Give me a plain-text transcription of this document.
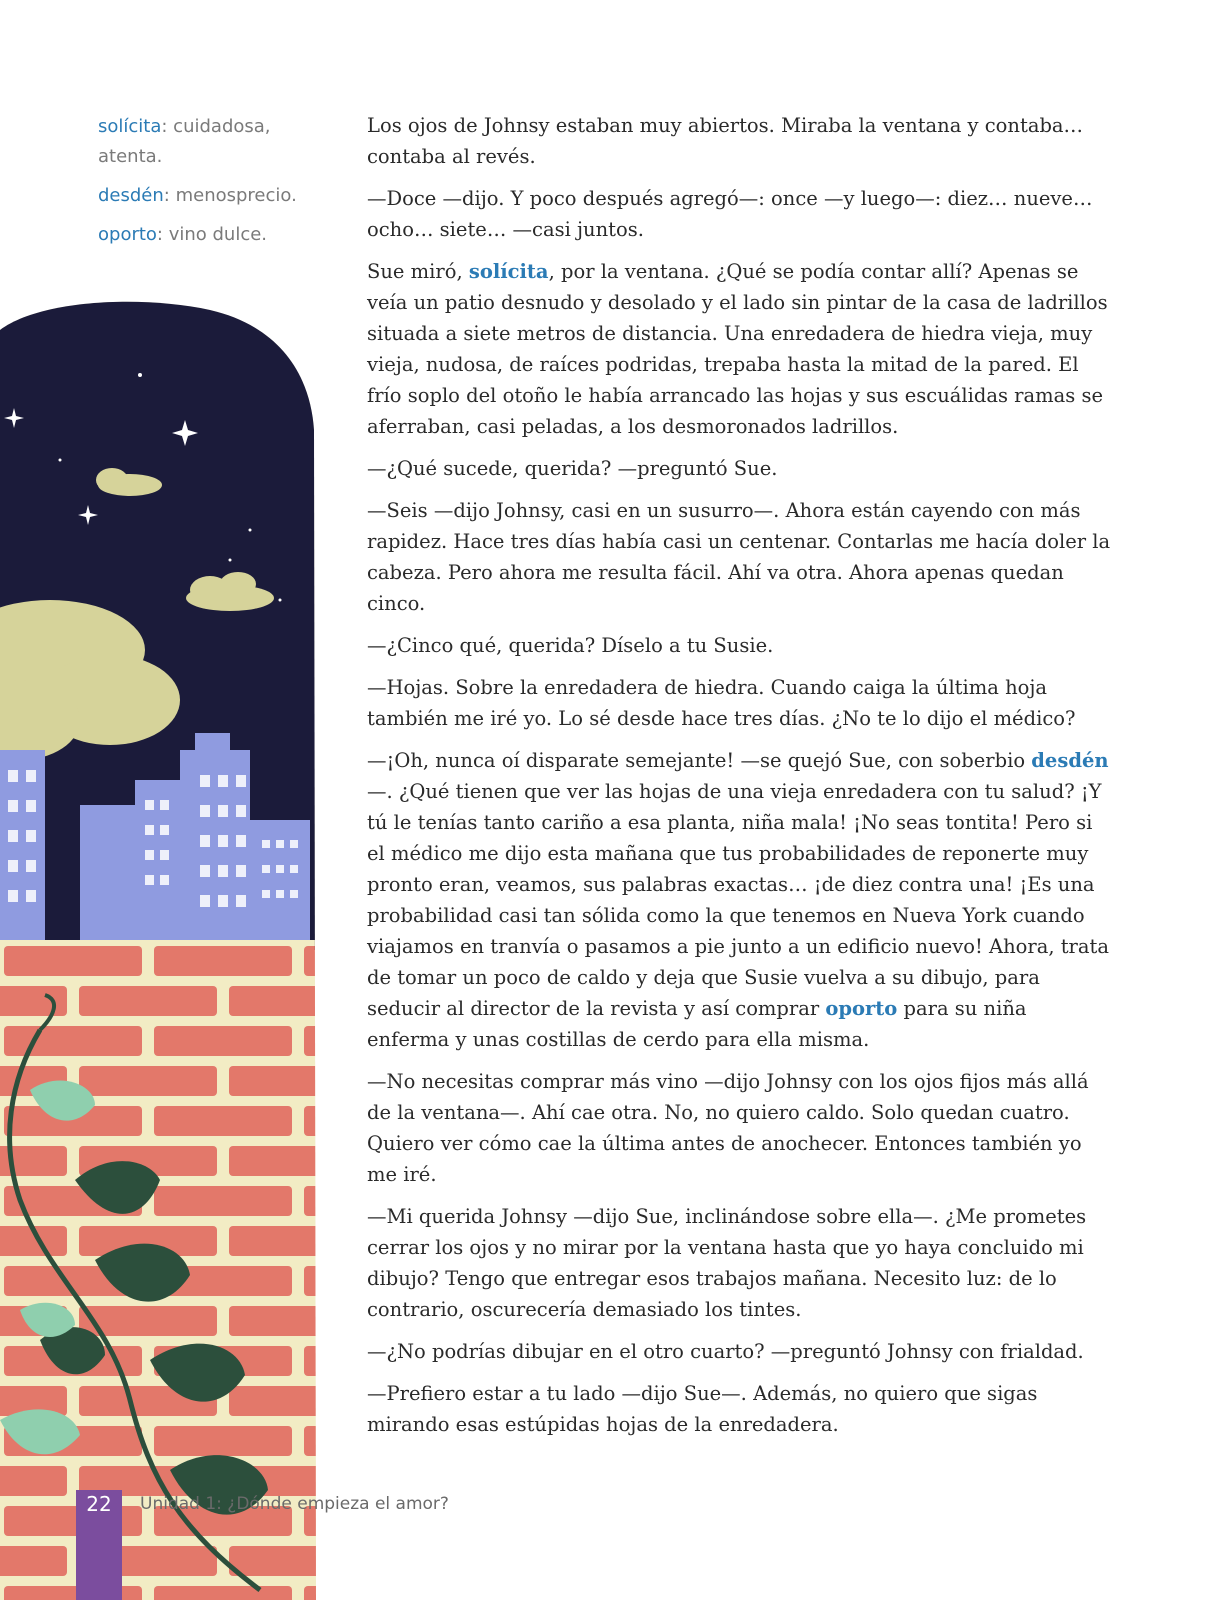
solícita: cuidadosa, atenta.
desdén: menosprecio.
oporto: vino dulce.

Los ojos de Johnsy estaban muy abiertos. Miraba la ventana y contaba… contaba al revés.

—Doce —dijo. Y poco después agregó—: once —y luego—: diez… nueve… ocho… siete… —casi juntos.

Sue miró, solícita, por la ventana. ¿Qué se podía contar allí? Apenas se veía un patio desnudo y desolado y el lado sin pintar de la casa de ladrillos situada a siete metros de distancia. Una enredadera de hiedra vieja, muy vieja, nudosa, de raíces podridas, trepaba hasta la mitad de la pared. El frío soplo del otoño le había arrancado las hojas y sus escuálidas ramas se aferraban, casi peladas, a los desmoronados ladrillos.

—¿Qué sucede, querida? —preguntó Sue.

—Seis —dijo Johnsy, casi en un susurro—. Ahora están cayendo con más rapidez. Hace tres días había casi un centenar. Contarlas me hacía doler la cabeza. Pero ahora me resulta fácil. Ahí va otra. Ahora apenas quedan cinco.

—¿Cinco qué, querida? Díselo a tu Susie.

—Hojas. Sobre la enredadera de hiedra. Cuando caiga la última hoja también me iré yo. Lo sé desde hace tres días. ¿No te lo dijo el médico?

—¡Oh, nunca oí disparate semejante! —se quejó Sue, con soberbio desdén—. ¿Qué tienen que ver las hojas de una vieja enredadera con tu salud? ¡Y tú le tenías tanto cariño a esa planta, niña mala! ¡No seas tontita! Pero si el médico me dijo esta mañana que tus probabilidades de reponerte muy pronto eran, veamos, sus palabras exactas… ¡de diez contra una! ¡Es una probabilidad casi tan sólida como la que tenemos en Nueva York cuando viajamos en tranvía o pasamos a pie junto a un edificio nuevo! Ahora, trata de tomar un poco de caldo y deja que Susie vuelva a su dibujo, para seducir al director de la revista y así comprar oporto para su niña enferma y unas costillas de cerdo para ella misma.

—No necesitas comprar más vino —dijo Johnsy con los ojos fijos más allá de la ventana—. Ahí cae otra. No, no quiero caldo. Solo quedan cuatro. Quiero ver cómo cae la última antes de anochecer. Entonces también yo me iré.

—Mi querida Johnsy —dijo Sue, inclinándose sobre ella—. ¿Me prometes cerrar los ojos y no mirar por la ventana hasta que yo haya concluido mi dibujo? Tengo que entregar esos trabajos mañana. Necesito luz: de lo contrario, oscurecería demasiado los tintes.

—¿No podrías dibujar en el otro cuarto? —preguntó Johnsy con frialdad.

—Prefiero estar a tu lado —dijo Sue—. Además, no quiero que sigas mirando esas estúpidas hojas de la enredadera.

22	Unidad 1: ¿Dónde empieza el amor?
